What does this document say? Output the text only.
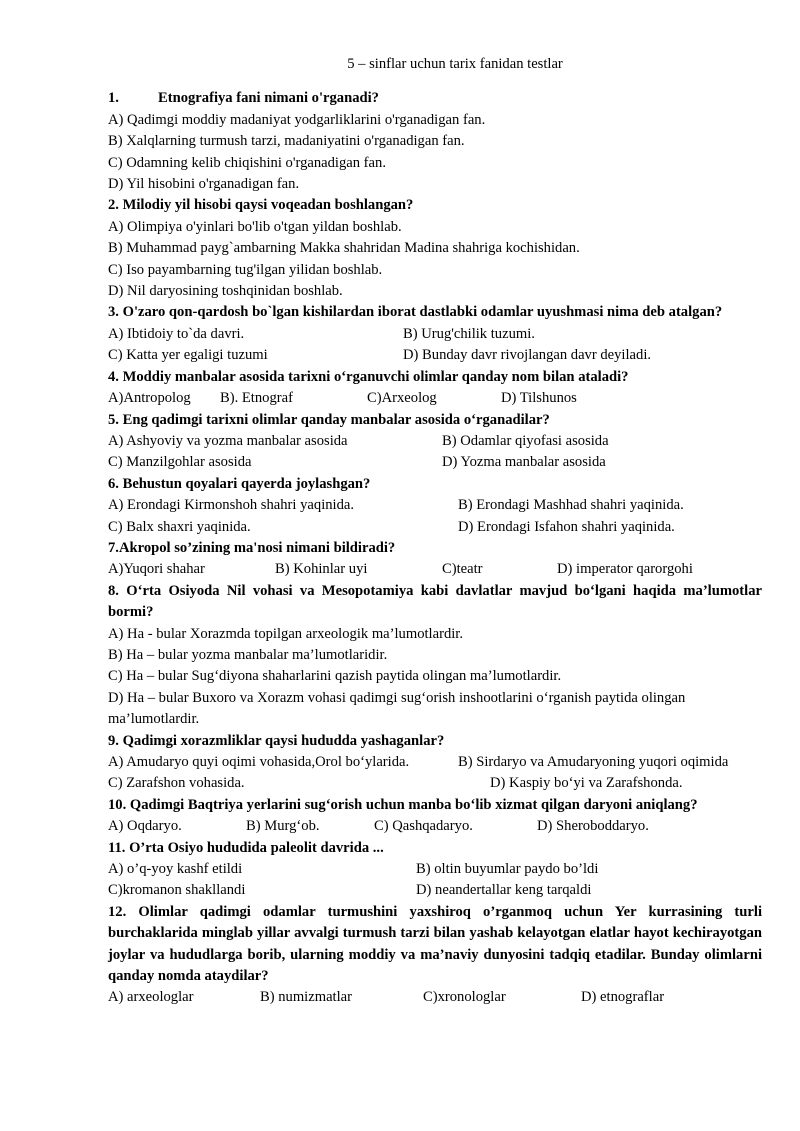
5 – sinflar uchun tarix fanidan testlar
1.	Etnografiya fani nimani o'rganadi?
A) Qadimgi moddiy madaniyat yodgarliklarini o'rganadigan fan.
B) Xalqlarning turmush tarzi, madaniyatini o'rganadigan fan.
C) Odamning kelib chiqishini o'rganadigan fan.
D) Yil hisobini o'rganadigan fan.
2. Milodiy yil hisobi qaysi voqeadan boshlangan?
A) Olimpiya o'yinlari bo'lib o'tgan yildan boshlab.
B) Muhammad payg`ambarning Makka shahridan Madina shahriga kochishidan.
C) Iso payambarning tug'ilgan yilidan boshlab.
D) Nil daryosining toshqinidan boshlab.
3. O'zaro qon-qardosh bo`lgan kishilardan iborat dastlabki odamlar uyushmasi nima deb atalgan?
A) Ibtidoiy to`da davri.	B) Urug'chilik tuzumi.
C) Katta yer egaligi tuzumi	D) Bunday davr rivojlangan davr deyiladi.
4. Moddiy manbalar asosida tarixni o‘rganuvchi olimlar qanday nom bilan ataladi?
A)Antropolog	B). Etnograf	C)Arxeolog	D) Tilshunos
5. Eng qadimgi tarixni olimlar qanday manbalar asosida o‘rganadilar?
A) Ashyoviy va yozma manbalar asosida	B) Odamlar qiyofasi asosida
C) Manzilgohlar asosida	D) Yozma manbalar asosida
6. Behustun qoyalari qayerda joylashgan?
A) Erondagi Kirmonshoh shahri yaqinida.	B) Erondagi Mashhad shahri yaqinida.
C) Balx shaxri yaqinida.	D) Erondagi Isfahon shahri yaqinida.
7.Akropol so’zining ma'nosi nimani bildiradi?
A)Yuqori shahar	B) Kohinlar uyi	C)teatr	D) imperator qarorgohi
8. O‘rta Osiyoda Nil vohasi va Mesopotamiya kabi davlatlar mavjud bo‘lgani haqida ma’lumotlar bormi?
A) Ha - bular Xorazmda topilgan arxeologik ma’lumotlardir.
B) Ha – bular yozma manbalar ma’lumotlaridir.
C) Ha – bular Sug‘diyona shaharlarini qazish paytida olingan ma’lumotlardir.
D) Ha – bular Buxoro va Xorazm vohasi qadimgi sug‘orish inshootlarini o‘rganish paytida olingan ma’lumotlardir.
9. Qadimgi xorazmliklar qaysi hududda yashaganlar?
A) Amudaryo quyi oqimi vohasida,Orol bo‘ylarida.	B) Sirdaryo va Amudaryoning yuqori oqimida
C) Zarafshon vohasida.	D) Kaspiy bo‘yi va Zarafshonda.
10. Qadimgi Baqtriya yerlarini sug‘orish uchun manba bo‘lib xizmat qilgan daryoni aniqlang?
A) Oqdaryo.	B) Murg‘ob.	C) Qashqadaryo.	D) Sheroboddaryo.
11. O’rta Osiyo hududida paleolit davrida ...
A) o’q-yoy kashf etildi	B) oltin buyumlar paydo bo’ldi
C)kromanon shakllandi	D) neandertallar keng tarqaldi
12. Olimlar qadimgi odamlar turmushini yaxshiroq o’rganmoq uchun Yer kurrasining turli burchaklarida minglab yillar avvalgi turmush tarzi bilan yashab kelayotgan elatlar hayot kechirayotgan joylar va hududlarga borib, ularning moddiy va ma’naviy dunyosini tadqiq etadilar. Bunday olimlarni qanday nomda ataydilar?
A) arxeologlar	B) numizmatlar	C)xronologlar	D) etnograflar
